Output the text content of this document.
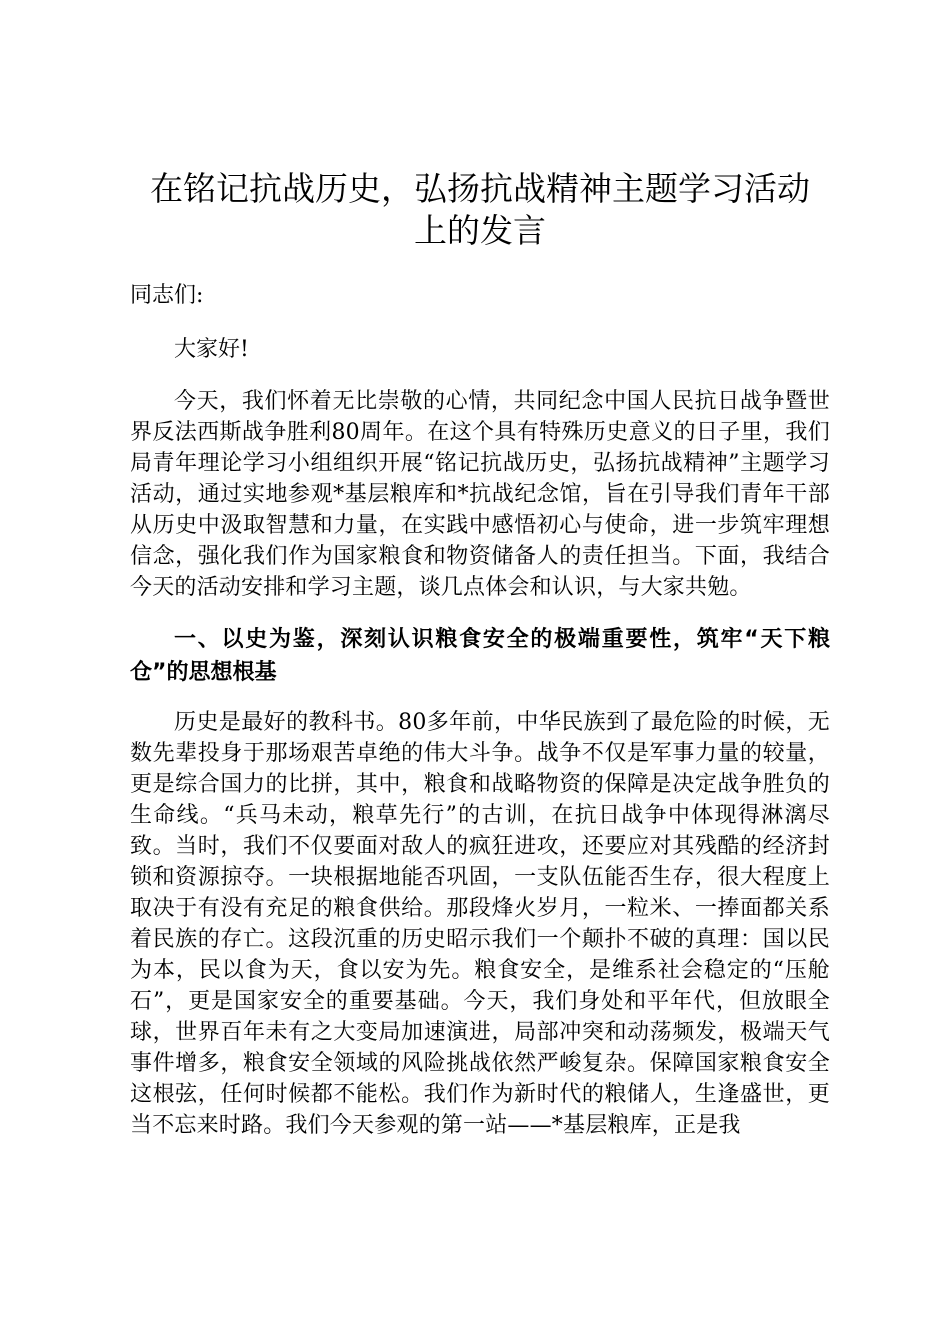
在铭记抗战历史，弘扬抗战精神主题学习活动
上的发言

同志们:

大家好!

今天，我们怀着无比崇敬的心情，共同纪念中国人民抗日战争暨世界反法西斯战争胜利80周年。在这个具有特殊历史意义的日子里，我们局青年理论学习小组组织开展“铭记抗战历史，弘扬抗战精神”主题学习活动，通过实地参观*基层粮库和*抗战纪念馆，旨在引导我们青年干部从历史中汲取智慧和力量，在实践中感悟初心与使命，进一步筑牢理想信念，强化我们作为国家粮食和物资储备人的责任担当。下面，我结合今天的活动安排和学习主题，谈几点体会和认识，与大家共勉。

一、以史为鉴，深刻认识粮食安全的极端重要性，筑牢“天下粮仓”的思想根基

历史是最好的教科书。80多年前，中华民族到了最危险的时候，无数先辈投身于那场艰苦卓绝的伟大斗争。战争不仅是军事力量的较量，更是综合国力的比拼，其中，粮食和战略物资的保障是决定战争胜负的生命线。“兵马未动，粮草先行”的古训，在抗日战争中体现得淋漓尽致。当时，我们不仅要面对敌人的疯狂进攻，还要应对其残酷的经济封锁和资源掠夺。一块根据地能否巩固，一支队伍能否生存，很大程度上取决于有没有充足的粮食供给。那段烽火岁月，一粒米、一捧面都关系着民族的存亡。这段沉重的历史昭示我们一个颠扑不破的真理：国以民为本，民以食为天，食以安为先。粮食安全，是维系社会稳定的“压舱石”，更是国家安全的重要基础。今天，我们身处和平年代，但放眼全球，世界百年未有之大变局加速演进，局部冲突和动荡频发，极端天气事件增多，粮食安全领域的风险挑战依然严峻复杂。保障国家粮食安全这根弦，任何时候都不能松。我们作为新时代的粮储人，生逢盛世，更当不忘来时路。我们今天参观的第一站——*基层粮库，正是我
